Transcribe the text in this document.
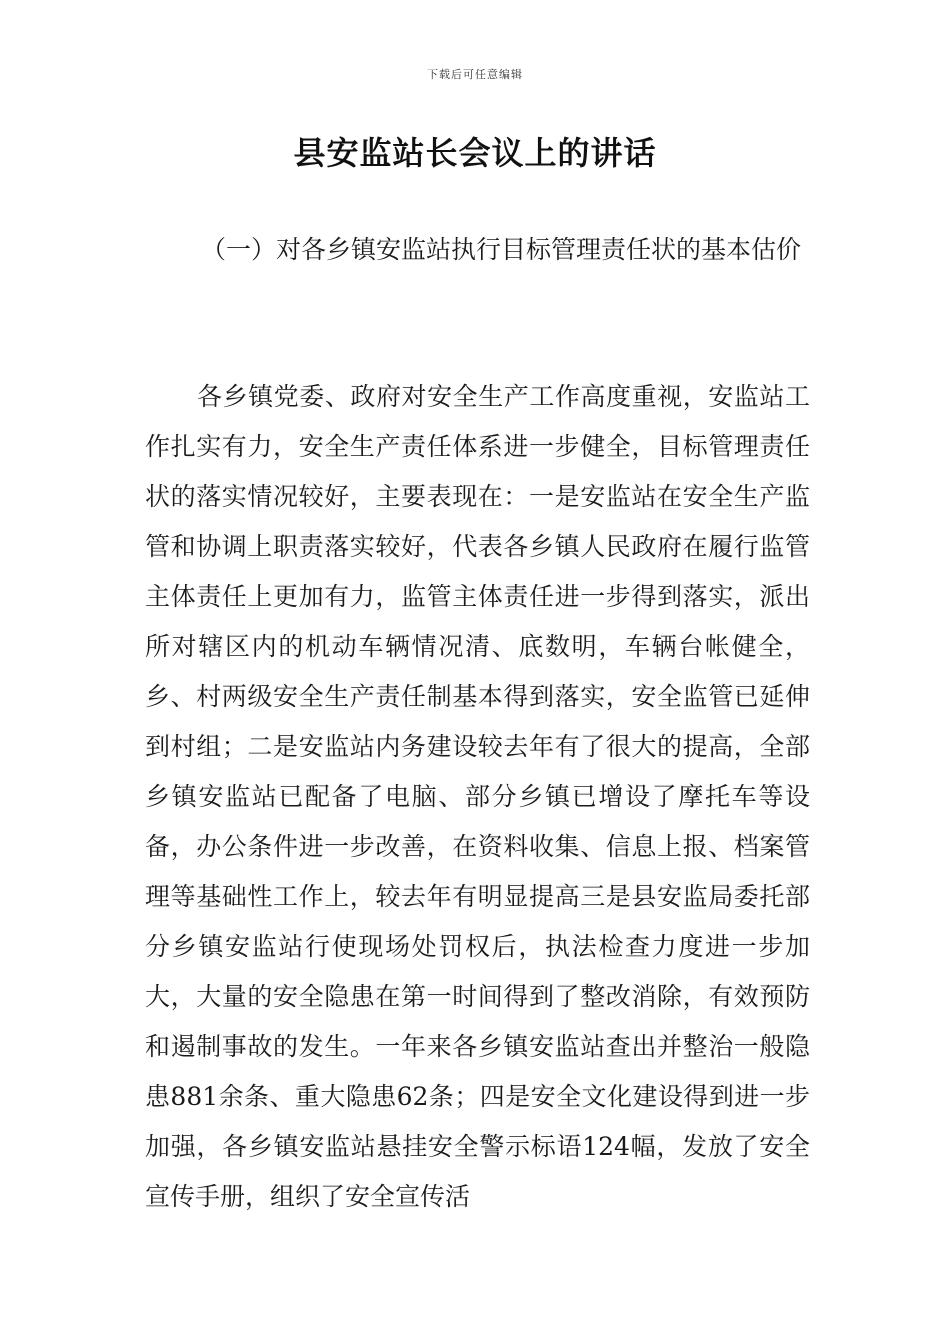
下载后可任意编辑
县安监站长会议上的讲话

（一）对各乡镇安监站执行目标管理责任状的基本估价

各乡镇党委、政府对安全生产工作高度重视，安监站工作扎实有力，安全生产责任体系进一步健全，目标管理责任状的落实情况较好，主要表现在：一是安监站在安全生产监管和协调上职责落实较好，代表各乡镇人民政府在履行监管主体责任上更加有力，监管主体责任进一步得到落实，派出所对辖区内的机动车辆情况清、底数明，车辆台帐健全，乡、村两级安全生产责任制基本得到落实，安全监管已延伸到村组；二是安监站内务建设较去年有了很大的提高，全部乡镇安监站已配备了电脑、部分乡镇已增设了摩托车等设备，办公条件进一步改善，在资料收集、信息上报、档案管理等基础性工作上，较去年有明显提高三是县安监局委托部分乡镇安监站行使现场处罚权后，执法检查力度进一步加大，大量的安全隐患在第一时间得到了整改消除，有效预防和遏制事故的发生。一年来各乡镇安监站查出并整治一般隐患881余条、重大隐患62条；四是安全文化建设得到进一步加强，各乡镇安监站悬挂安全警示标语124幅，发放了安全宣传手册，组织了安全宣传活
